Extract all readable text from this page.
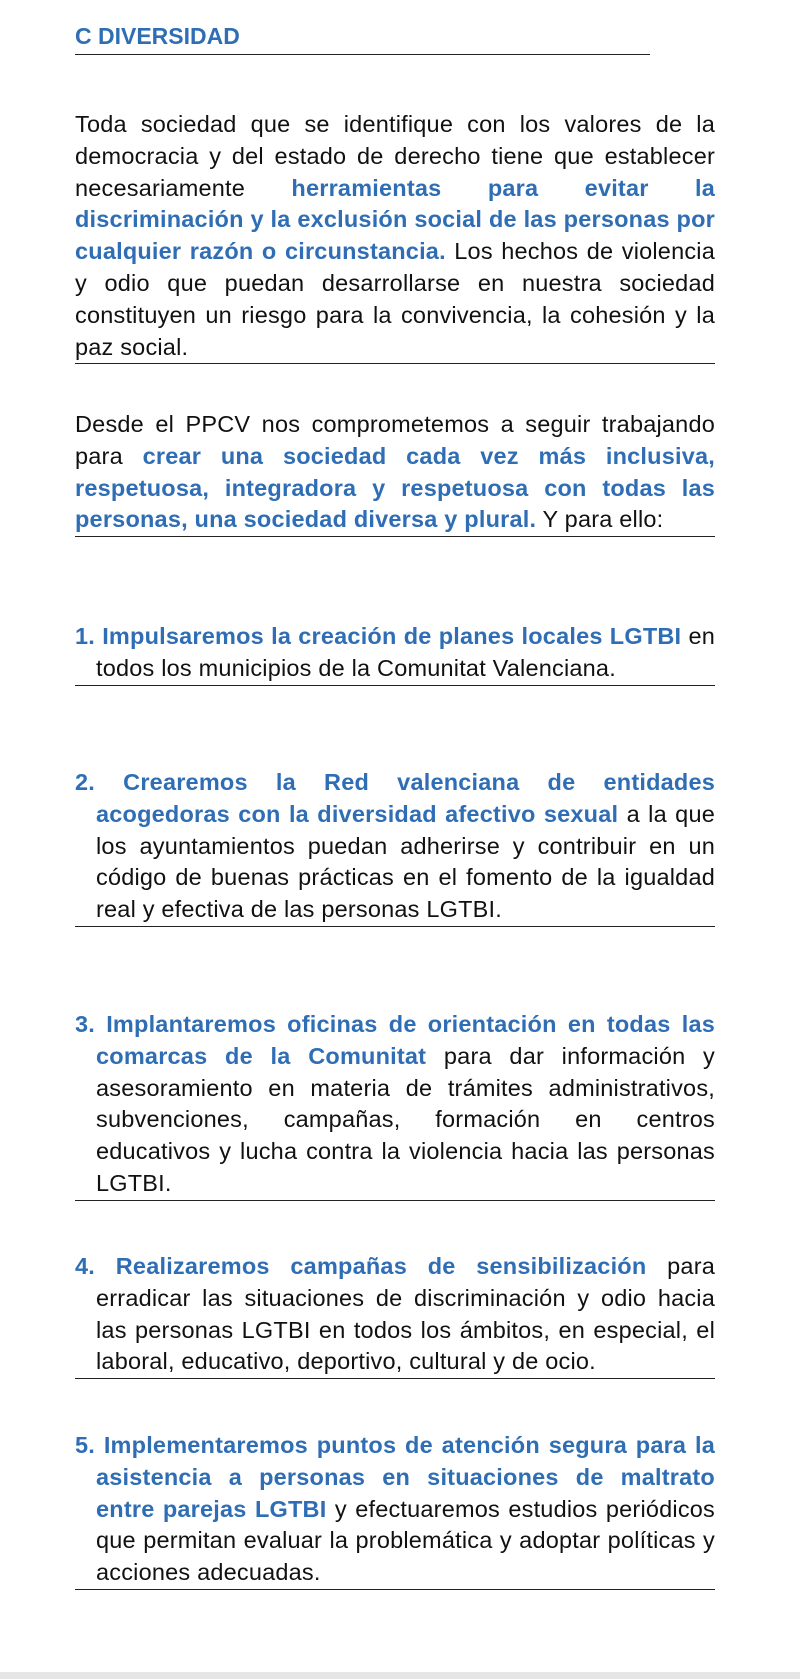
C DIVERSIDAD
Toda sociedad que se identifique con los valores de la democracia y del estado de derecho tiene que establecer necesariamente herramientas para evitar la discriminación y la exclusión social de las personas por cualquier razón o circunstancia. Los hechos de violencia y odio que puedan desarrollarse en nuestra sociedad constituyen un riesgo para la convivencia, la cohesión y la paz social.
Desde el PPCV nos comprometemos a seguir trabajando para crear una sociedad cada vez más inclusiva, respetuosa, integradora y respetuosa con todas las personas, una sociedad diversa y plural. Y para ello:
1. Impulsaremos la creación de planes locales LGTBI en todos los municipios de la Comunitat Valenciana.
2. Crearemos la Red valenciana de entidades acogedoras con la diversidad afectivo sexual a la que los ayuntamientos puedan adherirse y contribuir en un código de buenas prácticas en el fomento de la igualdad real y efectiva de las personas LGTBI.
3. Implantaremos oficinas de orientación en todas las comarcas de la Comunitat para dar información y asesoramiento en materia de trámites administrativos, subvenciones, campañas, formación en centros educativos y lucha contra la violencia hacia las personas LGTBI.
4. Realizaremos campañas de sensibilización para erradicar las situaciones de discriminación y odio hacia las personas LGTBI en todos los ámbitos, en especial, el laboral, educativo, deportivo, cultural y de ocio.
5. Implementaremos puntos de atención segura para la asistencia a personas en situaciones de maltrato entre parejas LGTBI y efectuaremos estudios periódicos que permitan evaluar la problemática y adoptar políticas y acciones adecuadas.
